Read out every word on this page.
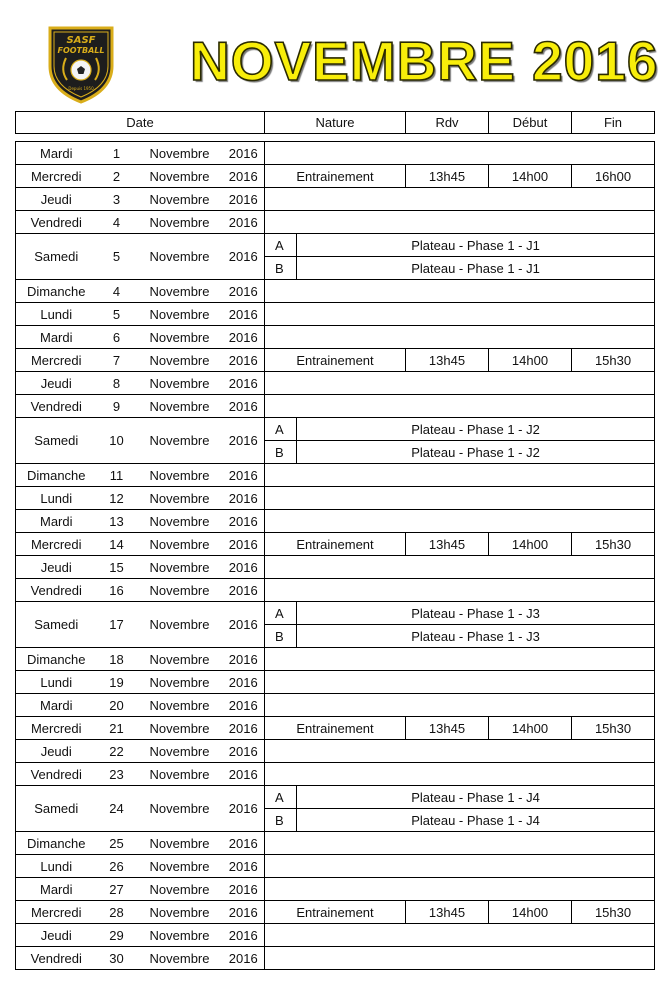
SASF
FOOTBALL
Depuis 1950 NOVEMBRE 2016
Date	Nature	Rdv	Début	Fin
Mardi	1	Novembre	2016					
Mercredi	2	Novembre	2016	Entrainement		13h45	14h00	16h00
Jeudi	3	Novembre	2016					
Vendredi	4	Novembre	2016					
Samedi	5	Novembre	2016	A	Plateau - Phase 1 - J1			
				B	Plateau - Phase 1 - J1			
Dimanche	4	Novembre	2016					
Lundi	5	Novembre	2016					
Mardi	6	Novembre	2016					
Mercredi	7	Novembre	2016	Entrainement		13h45	14h00	15h30
Jeudi	8	Novembre	2016					
Vendredi	9	Novembre	2016					
Samedi	10	Novembre	2016	A	Plateau - Phase 1 - J2			
				B	Plateau - Phase 1 - J2			
Dimanche	11	Novembre	2016					
Lundi	12	Novembre	2016					
Mardi	13	Novembre	2016					
Mercredi	14	Novembre	2016	Entrainement		13h45	14h00	15h30
Jeudi	15	Novembre	2016					
Vendredi	16	Novembre	2016					
Samedi	17	Novembre	2016	A	Plateau - Phase 1 - J3			
				B	Plateau - Phase 1 - J3			
Dimanche	18	Novembre	2016					
Lundi	19	Novembre	2016					
Mardi	20	Novembre	2016					
Mercredi	21	Novembre	2016	Entrainement		13h45	14h00	15h30
Jeudi	22	Novembre	2016					
Vendredi	23	Novembre	2016					
Samedi	24	Novembre	2016	A	Plateau - Phase 1 - J4			
				B	Plateau - Phase 1 - J4			
Dimanche	25	Novembre	2016					
Lundi	26	Novembre	2016					
Mardi	27	Novembre	2016					
Mercredi	28	Novembre	2016	Entrainement		13h45	14h00	15h30
Jeudi	29	Novembre	2016					
Vendredi	30	Novembre	2016					
